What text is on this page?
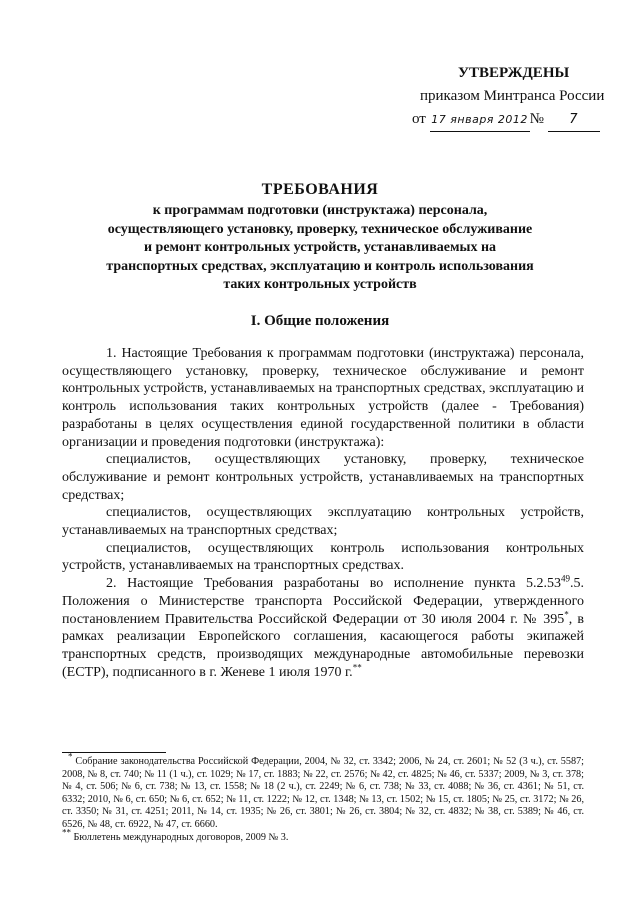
УТВЕРЖДЕНЫ
приказом Минтранса России
от 17 января 2012 № 7
ТРЕБОВАНИЯ
к программам подготовки (инструктажа) персонала,
осуществляющего установку, проверку, техническое обслуживание
и ремонт контрольных устройств, устанавливаемых на
транспортных средствах, эксплуатацию и контроль использования
таких контрольных устройств
I. Общие положения

1. Настоящие Требования к программам подготовки (инструктажа) персонала, осуществляющего установку, проверку, техническое обслуживание и ремонт контрольных устройств, устанавливаемых на транспортных средствах, эксплуатацию и контроль использования таких контрольных устройств (далее - Требования) разработаны в целях осуществления единой государственной политики в области организации и проведения подготовки (инструктажа):

специалистов, осуществляющих установку, проверку, техническое обслуживание и ремонт контрольных устройств, устанавливаемых на транспортных средствах;

специалистов, осуществляющих эксплуатацию контрольных устройств, устанавливаемых на транспортных средствах;

специалистов, осуществляющих контроль использования контрольных устройств, устанавливаемых на транспортных средствах.

2. Настоящие Требования разработаны во исполнение пункта 5.2.53$^{49}$.5. Положения о Министерстве транспорта Российской Федерации, утвержденного постановлением Правительства Российской Федерации от 30 июля 2004 г. № 395*, в рамках реализации Европейского соглашения, касающегося работы экипажей транспортных средств, производящих международные автомобильные перевозки (ЕСТР), подписанного в г. Женеве 1 июля 1970 г.**

* Собрание законодательства Российской Федерации, 2004, № 32, ст. 3342; 2006, № 24, ст. 2601; № 52 (3 ч.), ст. 5587; 2008, № 8, ст. 740; № 11 (1 ч.), ст. 1029; № 17, ст. 1883; № 22, ст. 2576; № 42, ст. 4825; № 46, ст. 5337; 2009, № 3, ст. 378; № 4, ст. 506; № 6, ст. 738; № 13, ст. 1558; № 18 (2 ч.), ст. 2249; № 6, ст. 738; № 33, ст. 4088; № 36, ст. 4361; № 51, ст. 6332; 2010, № 6, ст. 650; № 6, ст. 652; № 11, ст. 1222; № 12, ст. 1348; № 13, ст. 1502; № 15, ст. 1805; № 25, ст. 3172; № 26, ст. 3350; № 31, ст. 4251; 2011, № 14, ст. 1935; № 26, ст. 3801; № 26, ст. 3804; № 32, ст. 4832; № 38, ст. 5389; № 46, ст. 6526, № 48, ст. 6922, № 47, ст. 6660.

** Бюллетень международных договоров, 2009 № 3.
